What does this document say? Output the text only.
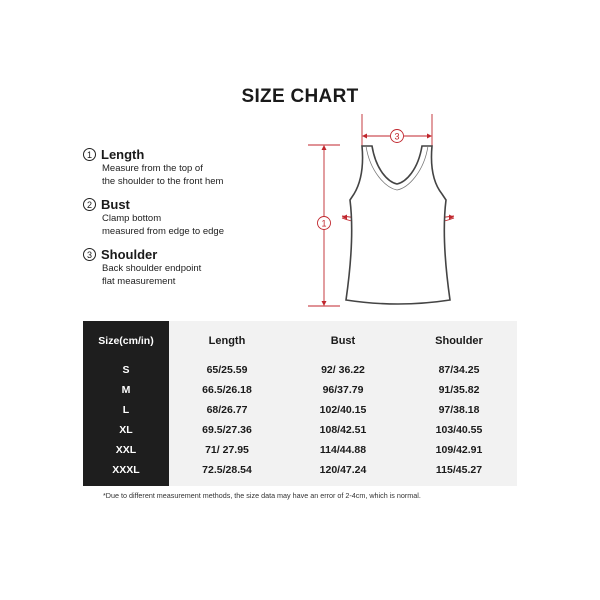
SIZE CHART
1 Length
Measure from the top of
the shoulder to the front hem
2 Bust
Clamp bottom
measured from edge to edge
3 Shoulder
Back shoulder endpoint
flat measurement
3
1
Size(cm/in)
S
M
L
XL
XXL
XXXL
Length
65/25.59
66.5/26.18
68/26.77
69.5/27.36
71/ 27.95
72.5/28.54
Bust
92/ 36.22
96/37.79
102/40.15
108/42.51
114/44.88
120/47.24
Shoulder
87/34.25
91/35.82
97/38.18
103/40.55
109/42.91
115/45.27
*Due to different measurement methods, the size data may have an error of 2-4cm, which is normal.
